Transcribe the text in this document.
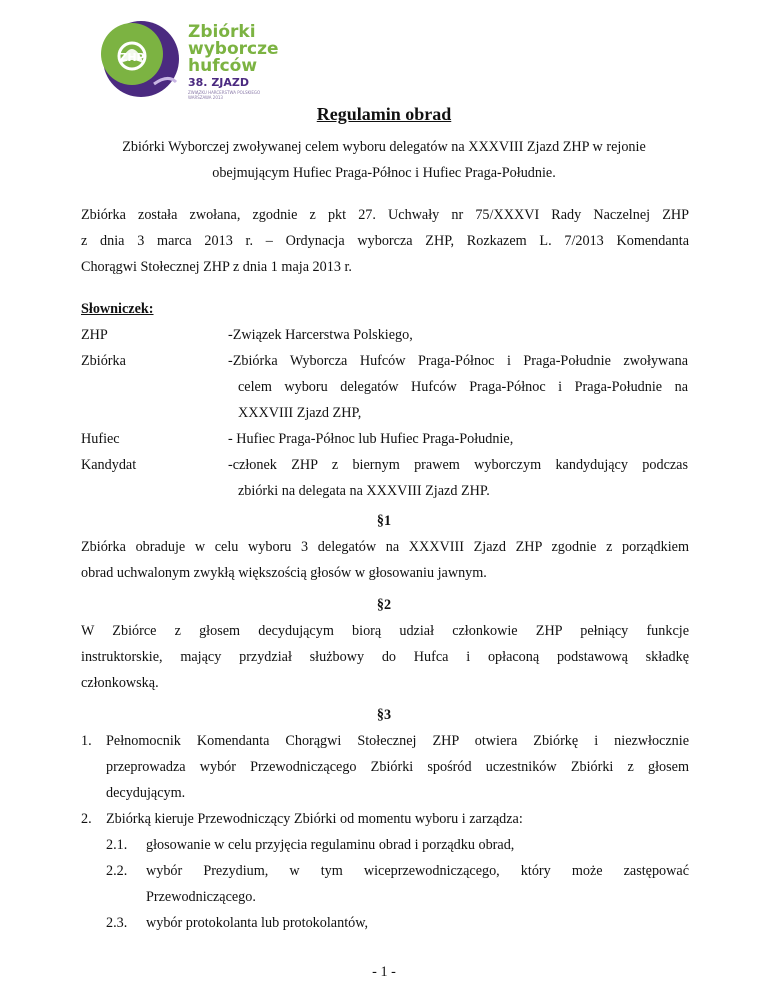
ZHP
Zbiórki
wyborcze
hufców
38. ZJAZD
ZWIĄZKU HARCERSTWA POLSKIEGO
WARSZAWA 2013
Regulamin obrad
Zbiórki Wyborczej zwoływanej celem wyboru delegatów na XXXVIII Zjazd ZHP w rejonie
obejmującym Hufiec Praga-Północ i Hufiec Praga-Południe.
Zbiórka została zwołana, zgodnie z pkt 27. Uchwały nr 75/XXXVI Rady Naczelnej ZHP
z dnia 3 marca 2013 r. – Ordynacja wyborcza ZHP, Rozkazem L. 7/2013 Komendanta
Chorągwi Stołecznej ZHP z dnia 1 maja 2013 r.
Słowniczek:
ZHP	-Związek Harcerstwa Polskiego,
Zbiórka	-Zbiórka Wyborcza Hufców Praga-Północ i Praga-Południe zwoływana
celem wyboru delegatów Hufców Praga-Północ i Praga-Południe na
XXXVIII Zjazd ZHP,
Hufiec	- Hufiec Praga-Północ lub Hufiec Praga-Południe,
Kandydat	-członek ZHP z biernym prawem wyborczym kandydujący podczas
zbiórki na delegata na XXXVIII Zjazd ZHP.
§1
Zbiórka obraduje w celu wyboru 3 delegatów na XXXVIII Zjazd ZHP zgodnie z porządkiem
obrad uchwalonym zwykłą większością głosów w głosowaniu jawnym.
§2
W Zbiórce z głosem decydującym biorą udział członkowie ZHP pełniący funkcje
instruktorskie, mający przydział służbowy do Hufca i opłaconą podstawową składkę
członkowską.
§3
1. Pełnomocnik Komendanta Chorągwi Stołecznej ZHP otwiera Zbiórkę i niezwłocznie
przeprowadza wybór Przewodniczącego Zbiórki spośród uczestników Zbiórki z głosem
decydującym.
2. Zbiórką kieruje Przewodniczący Zbiórki od momentu wyboru i zarządza:
2.1. głosowanie w celu przyjęcia regulaminu obrad i porządku obrad,
2.2. wybór Prezydium, w tym wiceprzewodniczącego, który może zastępować
Przewodniczącego.
2.3. wybór protokolanta lub protokolantów,
- 1 -
